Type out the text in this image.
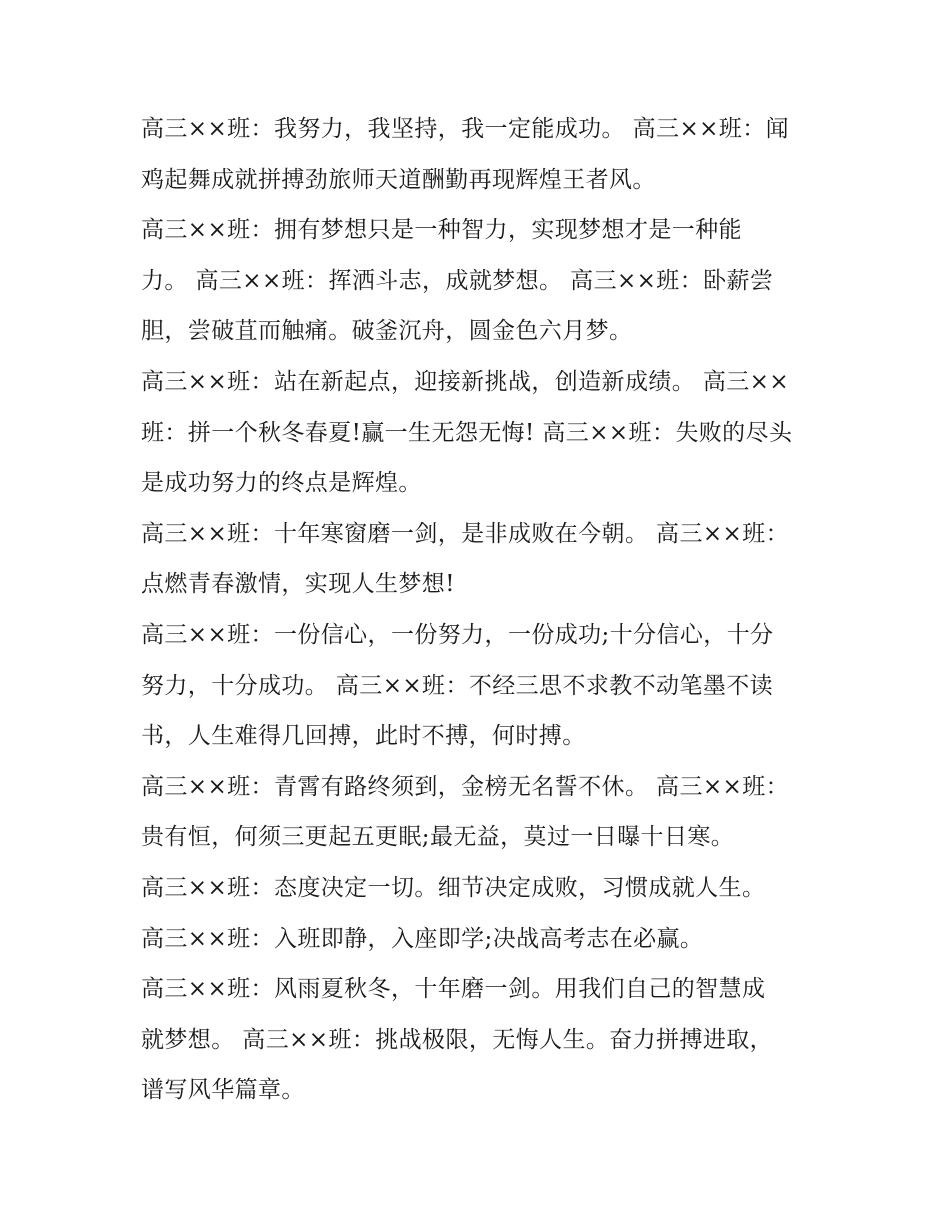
高三××班：我努力，我坚持，我一定能成功。 高三××班：闻
鸡起舞成就拼搏劲旅师天道酬勤再现辉煌王者风。
高三××班：拥有梦想只是一种智力，实现梦想才是一种能
力。 高三××班：挥洒斗志，成就梦想。 高三××班：卧薪尝
胆，尝破苴而触痛。破釜沉舟，圆金色六月梦。
高三××班：站在新起点，迎接新挑战，创造新成绩。 高三××
班：拼一个秋冬春夏!赢一生无怨无悔! 高三××班：失败的尽头
是成功努力的终点是辉煌。
高三××班：十年寒窗磨一剑，是非成败在今朝。 高三××班：
点燃青春激情，实现人生梦想!
高三××班：一份信心，一份努力，一份成功;十分信心，十分
努力，十分成功。 高三××班：不经三思不求教不动笔墨不读
书，人生难得几回搏，此时不搏，何时搏。
高三××班：青霄有路终须到，金榜无名誓不休。 高三××班：
贵有恒，何须三更起五更眠;最无益，莫过一日曝十日寒。
高三××班：态度决定一切。细节决定成败，习惯成就人生。
高三××班：入班即静，入座即学;决战高考志在必赢。
高三××班：风雨夏秋冬，十年磨一剑。用我们自己的智慧成
就梦想。 高三××班：挑战极限，无悔人生。奋力拼搏进取，
谱写风华篇章。
